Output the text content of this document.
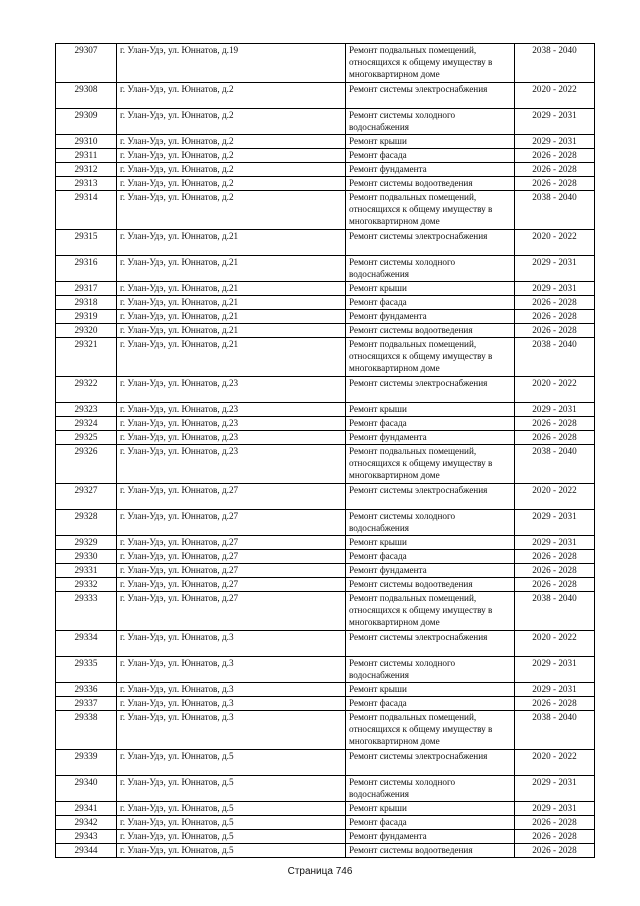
29307	г. Улан-Удэ, ул. Юннатов, д.19	Ремонт подвальных помещений, относящихся к общему имуществу в многоквартирном доме	2038 - 2040
29308	г. Улан-Удэ, ул. Юннатов, д.2	Ремонт системы электроснабжения	2020 - 2022
29309	г. Улан-Удэ, ул. Юннатов, д.2	Ремонт системы холодного водоснабжения	2029 - 2031
29310	г. Улан-Удэ, ул. Юннатов, д.2	Ремонт крыши	2029 - 2031
29311	г. Улан-Удэ, ул. Юннатов, д.2	Ремонт фасада	2026 - 2028
29312	г. Улан-Удэ, ул. Юннатов, д.2	Ремонт фундамента	2026 - 2028
29313	г. Улан-Удэ, ул. Юннатов, д.2	Ремонт системы водоотведения	2026 - 2028
29314	г. Улан-Удэ, ул. Юннатов, д.2	Ремонт подвальных помещений, относящихся к общему имуществу в многоквартирном доме	2038 - 2040
29315	г. Улан-Удэ, ул. Юннатов, д.21	Ремонт системы электроснабжения	2020 - 2022
29316	г. Улан-Удэ, ул. Юннатов, д.21	Ремонт системы холодного водоснабжения	2029 - 2031
29317	г. Улан-Удэ, ул. Юннатов, д.21	Ремонт крыши	2029 - 2031
29318	г. Улан-Удэ, ул. Юннатов, д.21	Ремонт фасада	2026 - 2028
29319	г. Улан-Удэ, ул. Юннатов, д.21	Ремонт фундамента	2026 - 2028
29320	г. Улан-Удэ, ул. Юннатов, д.21	Ремонт системы водоотведения	2026 - 2028
29321	г. Улан-Удэ, ул. Юннатов, д.21	Ремонт подвальных помещений, относящихся к общему имуществу в многоквартирном доме	2038 - 2040
29322	г. Улан-Удэ, ул. Юннатов, д.23	Ремонт системы электроснабжения	2020 - 2022
29323	г. Улан-Удэ, ул. Юннатов, д.23	Ремонт крыши	2029 - 2031
29324	г. Улан-Удэ, ул. Юннатов, д.23	Ремонт фасада	2026 - 2028
29325	г. Улан-Удэ, ул. Юннатов, д.23	Ремонт фундамента	2026 - 2028
29326	г. Улан-Удэ, ул. Юннатов, д.23	Ремонт подвальных помещений, относящихся к общему имуществу в многоквартирном доме	2038 - 2040
29327	г. Улан-Удэ, ул. Юннатов, д.27	Ремонт системы электроснабжения	2020 - 2022
29328	г. Улан-Удэ, ул. Юннатов, д.27	Ремонт системы холодного водоснабжения	2029 - 2031
29329	г. Улан-Удэ, ул. Юннатов, д.27	Ремонт крыши	2029 - 2031
29330	г. Улан-Удэ, ул. Юннатов, д.27	Ремонт фасада	2026 - 2028
29331	г. Улан-Удэ, ул. Юннатов, д.27	Ремонт фундамента	2026 - 2028
29332	г. Улан-Удэ, ул. Юннатов, д.27	Ремонт системы водоотведения	2026 - 2028
29333	г. Улан-Удэ, ул. Юннатов, д.27	Ремонт подвальных помещений, относящихся к общему имуществу в многоквартирном доме	2038 - 2040
29334	г. Улан-Удэ, ул. Юннатов, д.3	Ремонт системы электроснабжения	2020 - 2022
29335	г. Улан-Удэ, ул. Юннатов, д.3	Ремонт системы холодного водоснабжения	2029 - 2031
29336	г. Улан-Удэ, ул. Юннатов, д.3	Ремонт крыши	2029 - 2031
29337	г. Улан-Удэ, ул. Юннатов, д.3	Ремонт фасада	2026 - 2028
29338	г. Улан-Удэ, ул. Юннатов, д.3	Ремонт подвальных помещений, относящихся к общему имуществу в многоквартирном доме	2038 - 2040
29339	г. Улан-Удэ, ул. Юннатов, д.5	Ремонт системы электроснабжения	2020 - 2022
29340	г. Улан-Удэ, ул. Юннатов, д.5	Ремонт системы холодного водоснабжения	2029 - 2031
29341	г. Улан-Удэ, ул. Юннатов, д.5	Ремонт крыши	2029 - 2031
29342	г. Улан-Удэ, ул. Юннатов, д.5	Ремонт фасада	2026 - 2028
29343	г. Улан-Удэ, ул. Юннатов, д.5	Ремонт фундамента	2026 - 2028
29344	г. Улан-Удэ, ул. Юннатов, д.5	Ремонт системы водоотведения	2026 - 2028
Страница 746
